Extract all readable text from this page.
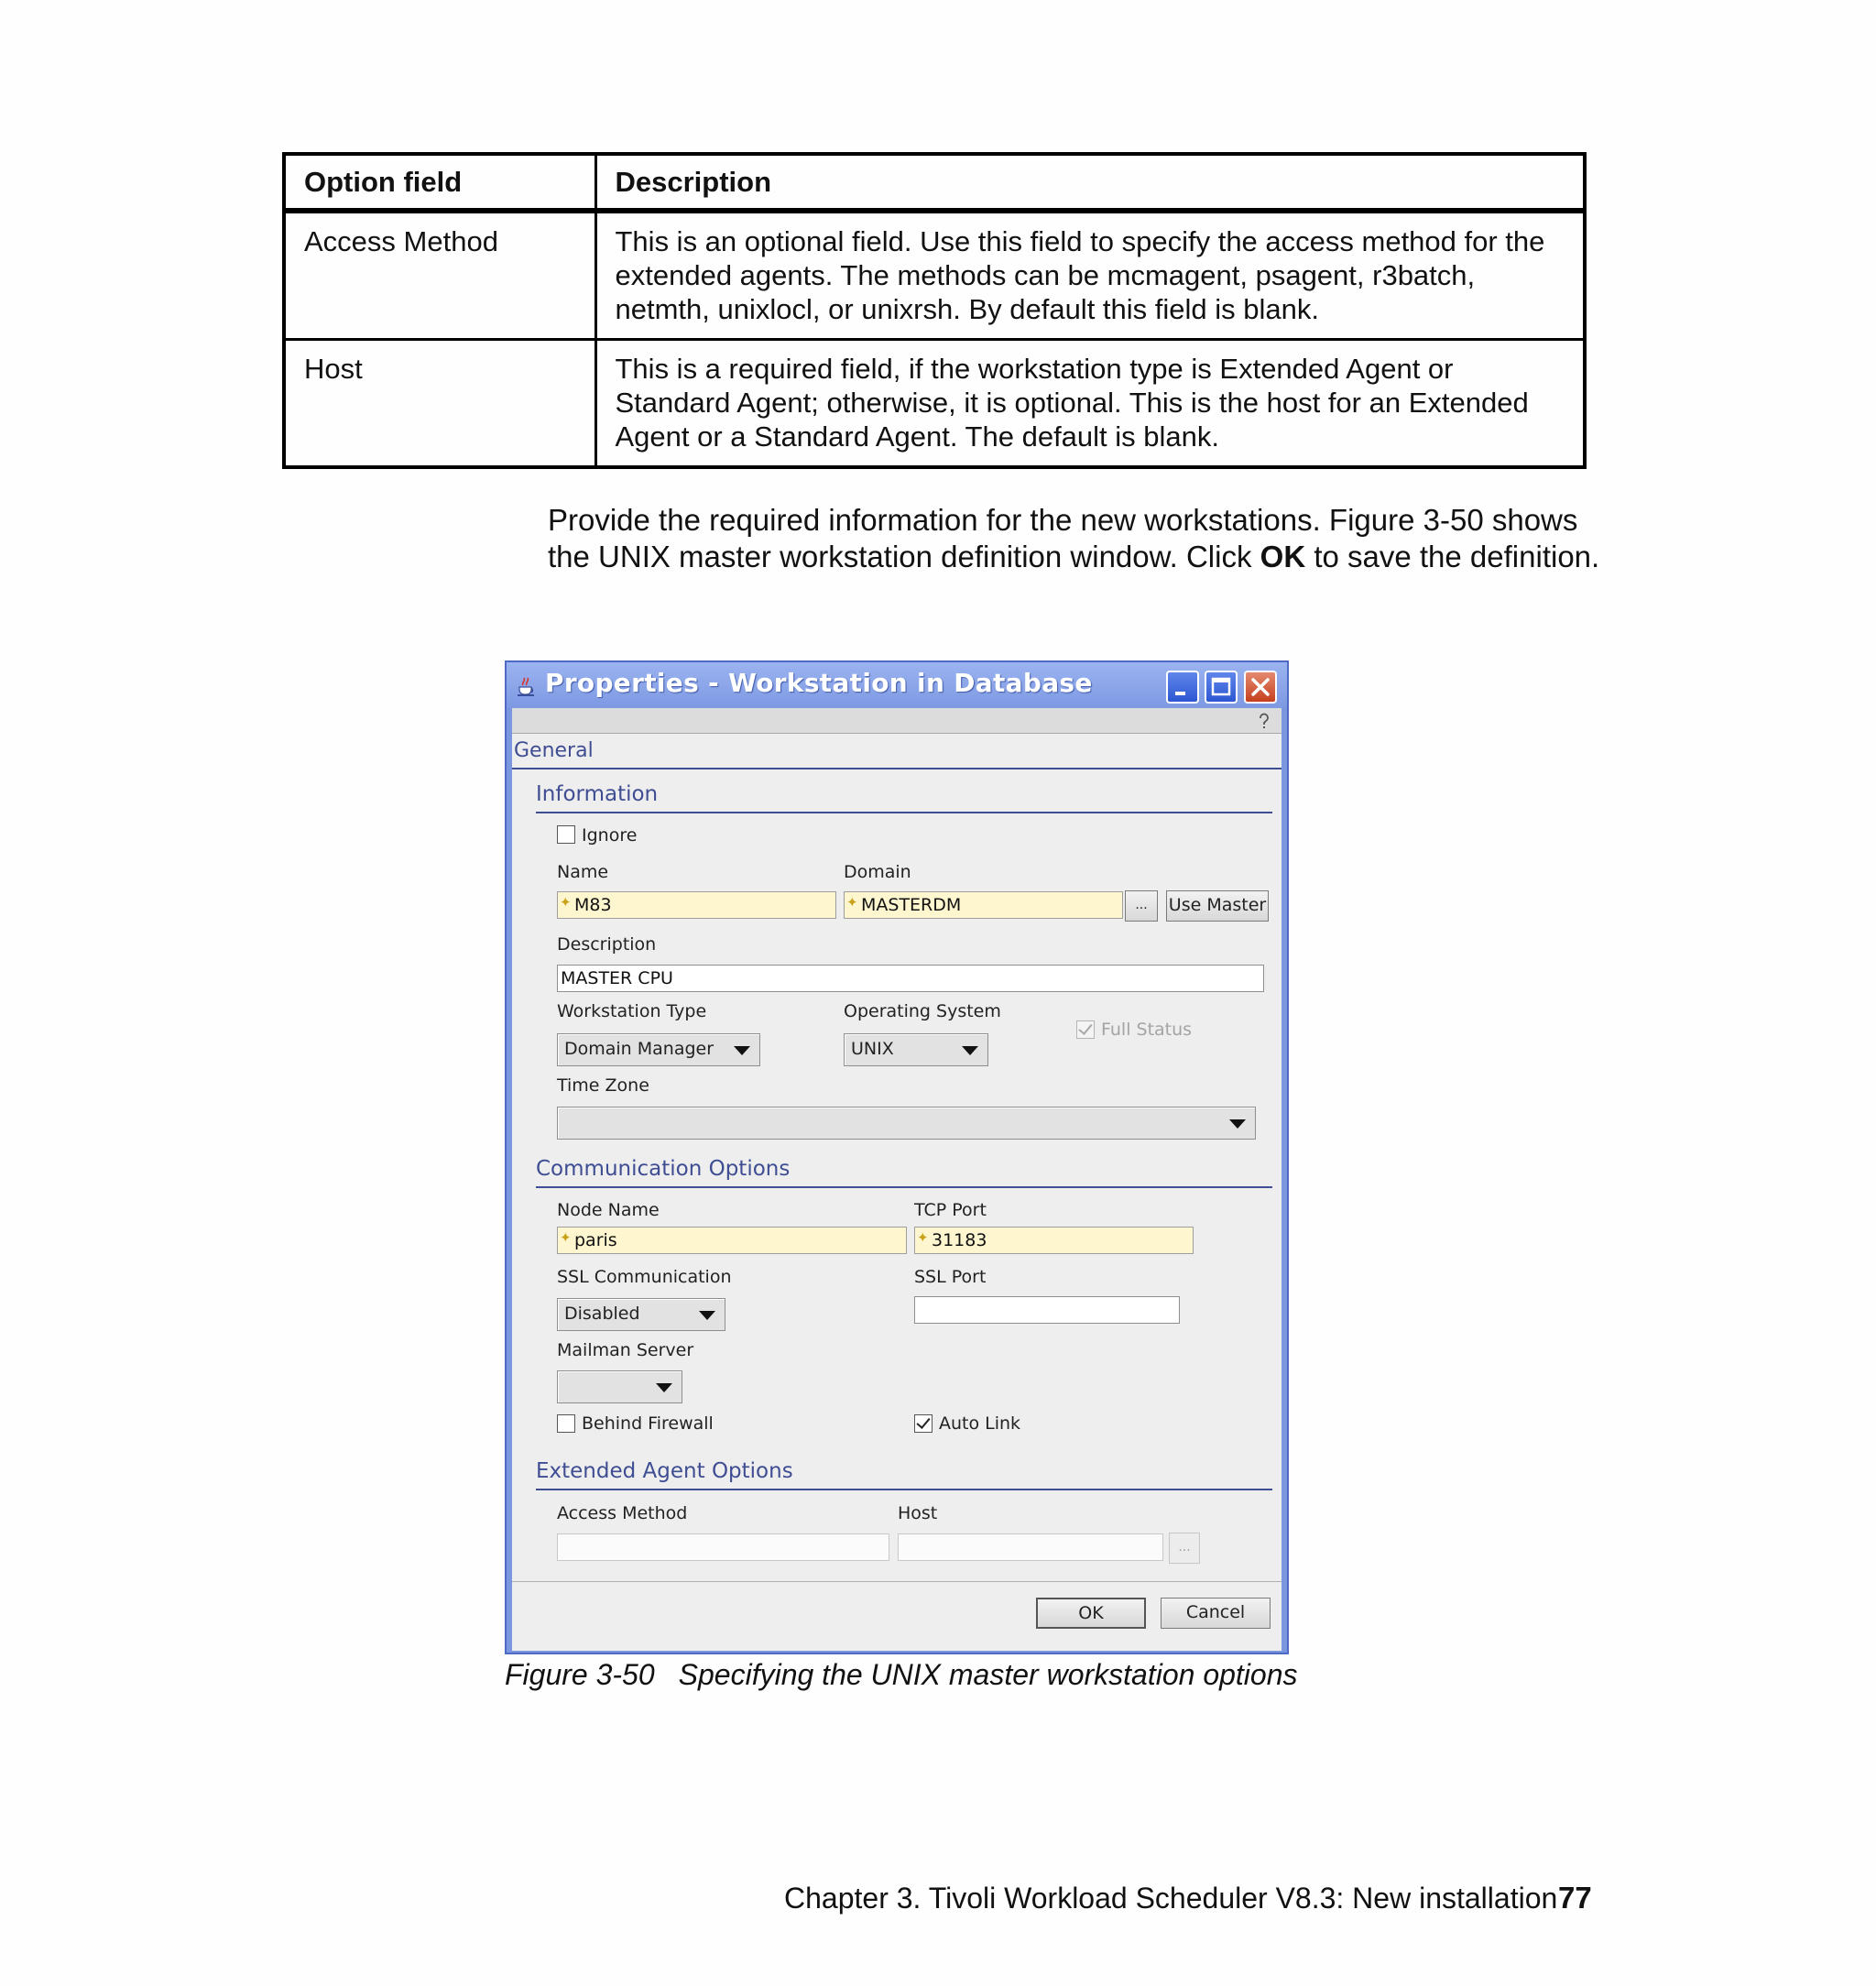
Option field	Description
Access Method	This is an optional field. Use this field to specify the access method for the extended agents. The methods can be mcmagent, psagent, r3batch, netmth, unixlocl, or unixrsh. By default this field is blank.
Host	This is a required field, if the workstation type is Extended Agent or Standard Agent; otherwise, it is optional. This is the host for an Extended Agent or a Standard Agent. The default is blank.

Provide the required information for the new workstations. Figure 3-50 shows the UNIX master workstation definition window. Click OK to save the definition.

Properties - Workstation in Database
General
Information
Ignore
Name
✦ M83
Domain
✦ MASTERDM	...	Use Master
Description
MASTER CPU
Workstation Type
Domain Manager
Operating System
UNIX
Full Status
Time Zone
Communication Options
Node Name
✦ paris
TCP Port
✦ 31183
SSL Communication
Disabled
SSL Port
Mailman Server
Behind Firewall	Auto Link
Extended Agent Options
Access Method	Host
...
OK	Cancel
Figure 3-50 Specifying the UNIX master workstation options
Chapter 3. Tivoli Workload Scheduler V8.3: New installation 77
